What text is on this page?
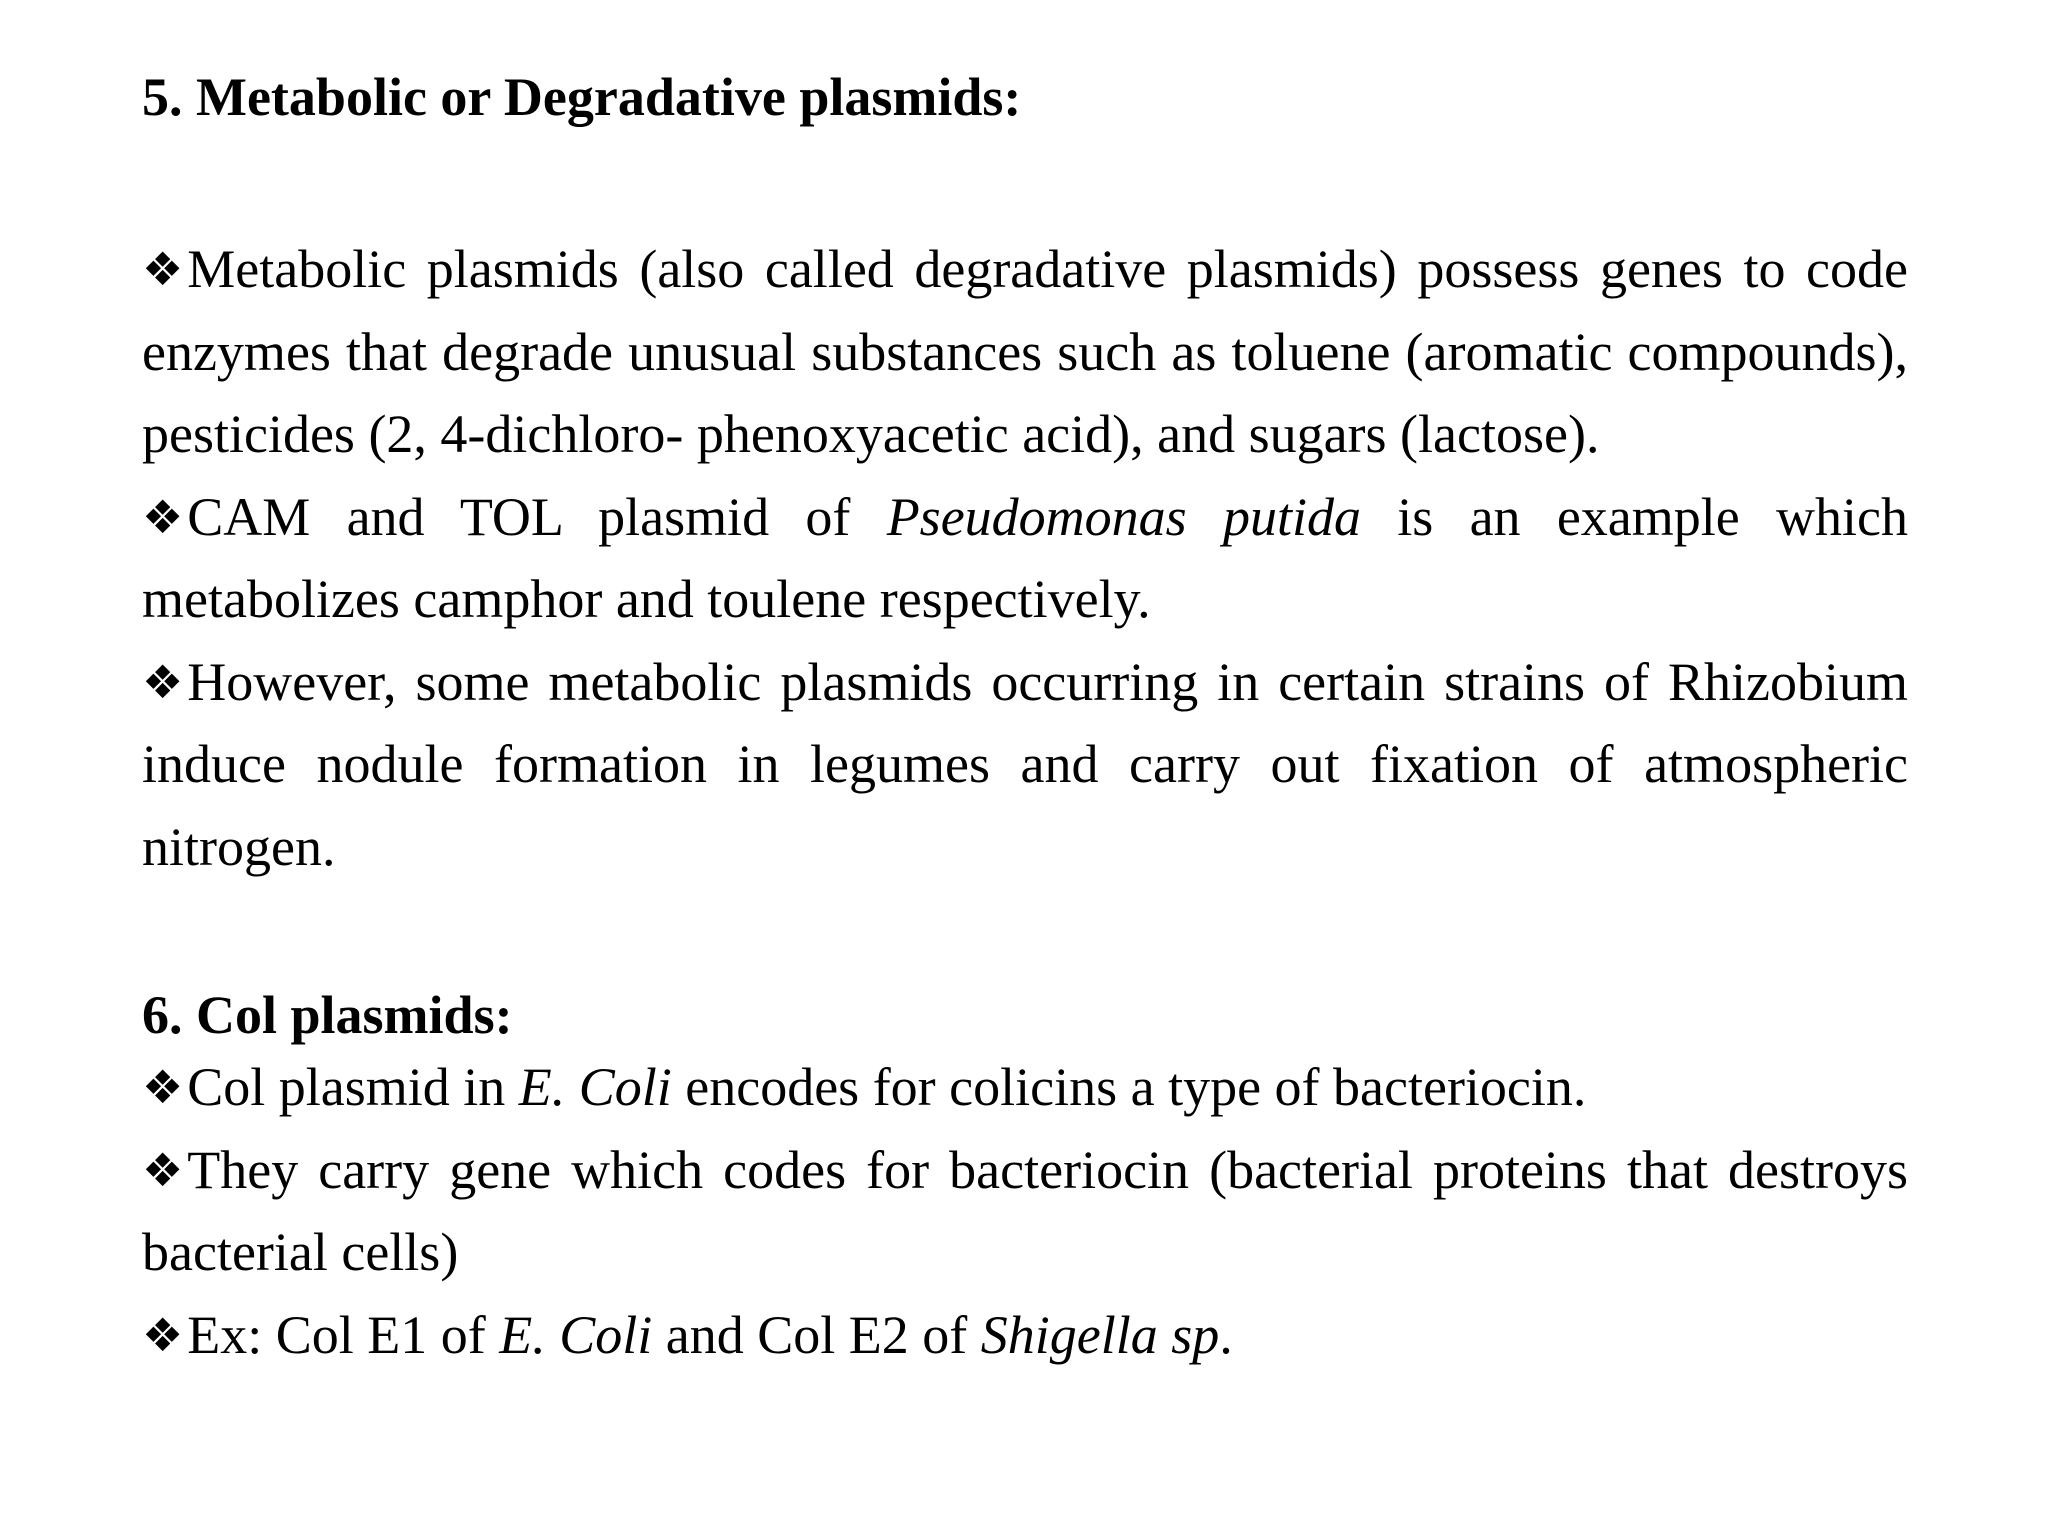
5. Metabolic or Degradative plasmids:

❖Metabolic plasmids (also called degradative plasmids) possess genes to code enzymes that degrade unusual substances such as toluene (aromatic compounds), pesticides (2, 4-dichloro- phenoxyacetic acid), and sugars (lactose).

❖CAM and TOL plasmid of Pseudomonas putida is an example which metabolizes camphor and toulene respectively.

❖However, some metabolic plasmids occurring in certain strains of Rhizobium induce nodule formation in legumes and carry out fixation of atmospheric nitrogen.

6. Col plasmids:

❖Col plasmid in E. Coli encodes for colicins a type of bacteriocin.

❖They carry gene which codes for bacteriocin (bacterial proteins that destroys bacterial cells)

❖Ex: Col E1 of E. Coli and Col E2 of Shigella sp.
